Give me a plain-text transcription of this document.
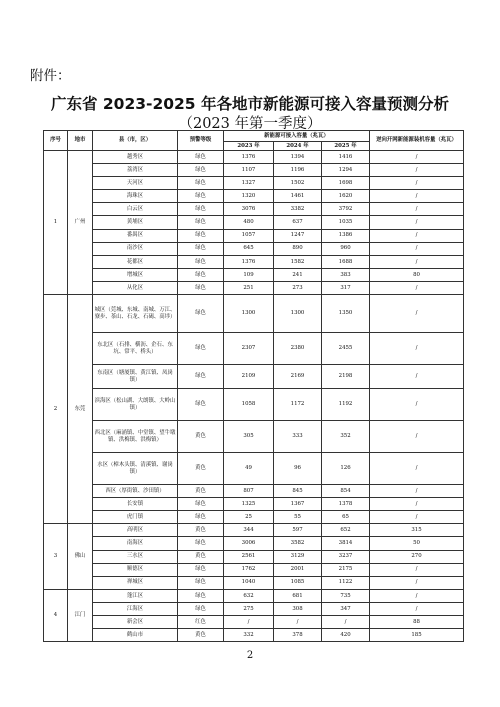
附件：
广东省 2023-2025 年各地市新能源可接入容量预测分析
（2023 年第一季度）
序号	地市	县（市，区）	预警等级	新能源可接入容量（兆瓦）			逆向开网新能源装机容量（兆瓦）
				2023 年	2024 年	2025 年	
1	广州	越秀区	绿色	1376	1394	1416	/
		荔湾区	绿色	1107	1196	1294	/
		天河区	绿色	1327	1502	1698	/
		海珠区	绿色	1320	1461	1620	/
		白云区	绿色	3076	3382	3792	/
		黄埔区	绿色	480	637	1035	/
		番禺区	绿色	1057	1247	1386	/
		南沙区	绿色	645	890	960	/
		花都区	绿色	1376	1582	1688	/
		增城区	绿色	109	241	383	80
		从化区	绿色	251	273	317	/
2	东莞	城区（莞城、东城、南城、万江、寮步、茶山、石龙、石碣、高埗）	绿色	1300	1300	1350	/
		东北区（石排、横沥、企石、东坑、常平、桥头）	绿色	2307	2380	2455	/
		东南区（塘厦镇、黄江镇、凤岗镇）	绿色	2109	2169	2198	/
		滨海区（松山湖、大朗镇、大岭山镇）	绿色	1058	1172	1192	/
		西北区（麻涌镇、中堂镇、望牛墩镇、洪梅镇、洪梅镇）	黄色	305	333	352	/
		水区（樟木头镇、清溪镇、谢岗镇）	黄色	49	96	126	/
		西区（厚街镇、沙田镇）	黄色	807	845	854	/
		长安镇	绿色	1325	1367	1378	/
		虎门镇	绿色	25	55	65	/
3	佛山	高明区	黄色	344	597	652	315
		南海区	绿色	3006	3582	3814	50
		三水区	黄色	2561	3129	3237	270
		顺德区	绿色	1762	2001	2175	/
		禅城区	绿色	1040	1085	1122	/
4	江门	蓬江区	绿色	632	681	735	/
		江海区	绿色	275	308	347	/
		新会区	红色	/	/	/	88
		鹤山市	黄色	332	378	420	185
2
